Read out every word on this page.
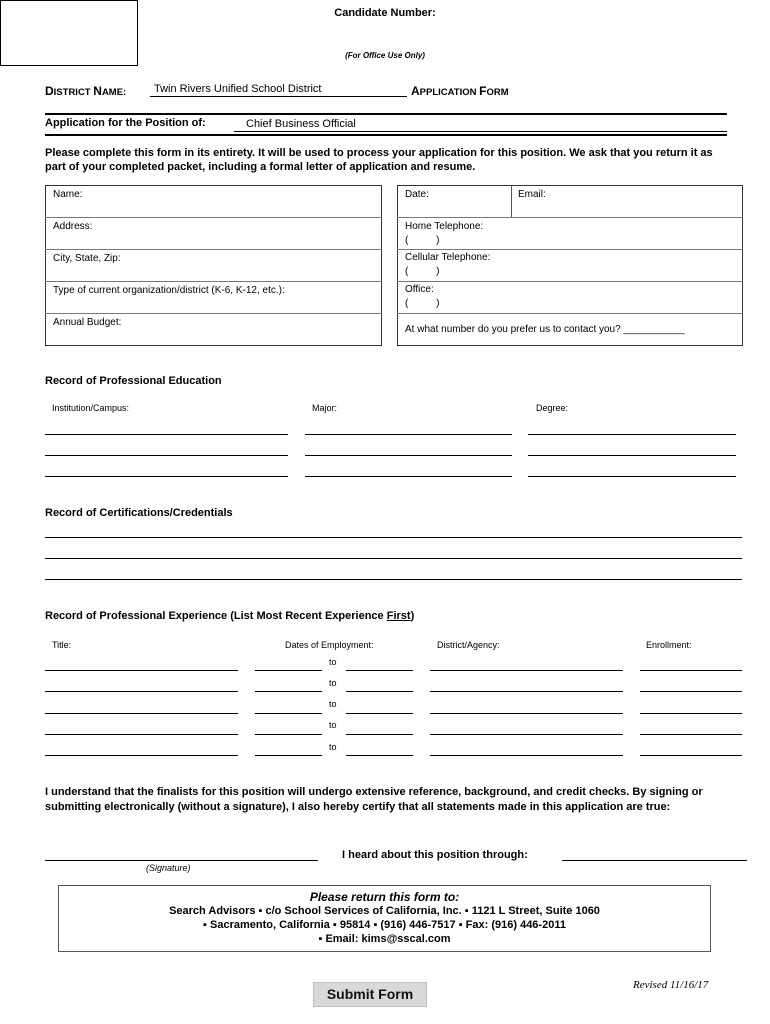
Candidate Number:
(For Office Use Only)
DISTRICT NAME:	Twin Rivers Unified School District	APPLICATION FORM
Application for the Position of:	Chief Business Official
Please complete this form in its entirety. It will be used to process your application for this position. We ask that you return it as part of your completed packet, including a formal letter of application and resume.
Name:
Address:
City, State, Zip:
Type of current organization/district (K-6, K-12, etc.):
Annual Budget:
Date:	Email:
Home Telephone:
(          )
Cellular Telephone:
(          )
Office:
(          )
At what number do you prefer us to contact you? ___________
Record of Professional Education
Institution/Campus:	Major:	Degree:
Record of Certifications/Credentials
Record of Professional Experience (List Most Recent Experience First)
Title:	Dates of Employment:	District/Agency:	Enrollment:
to
to
to
to
to
I understand that the finalists for this position will undergo extensive reference, background, and credit checks. By signing or submitting electronically (without a signature), I also hereby certify that all statements made in this application are true:
(Signature)
I heard about this position through:
Please return this form to:
Search Advisors ▪ c/o School Services of California, Inc. ▪ 1121 L Street, Suite 1060
▪ Sacramento, California ▪ 95814 ▪ (916) 446-7517 ▪ Fax: (916) 446-2011
▪ Email: kims@sscal.com
Submit Form
Revised 11/16/17
